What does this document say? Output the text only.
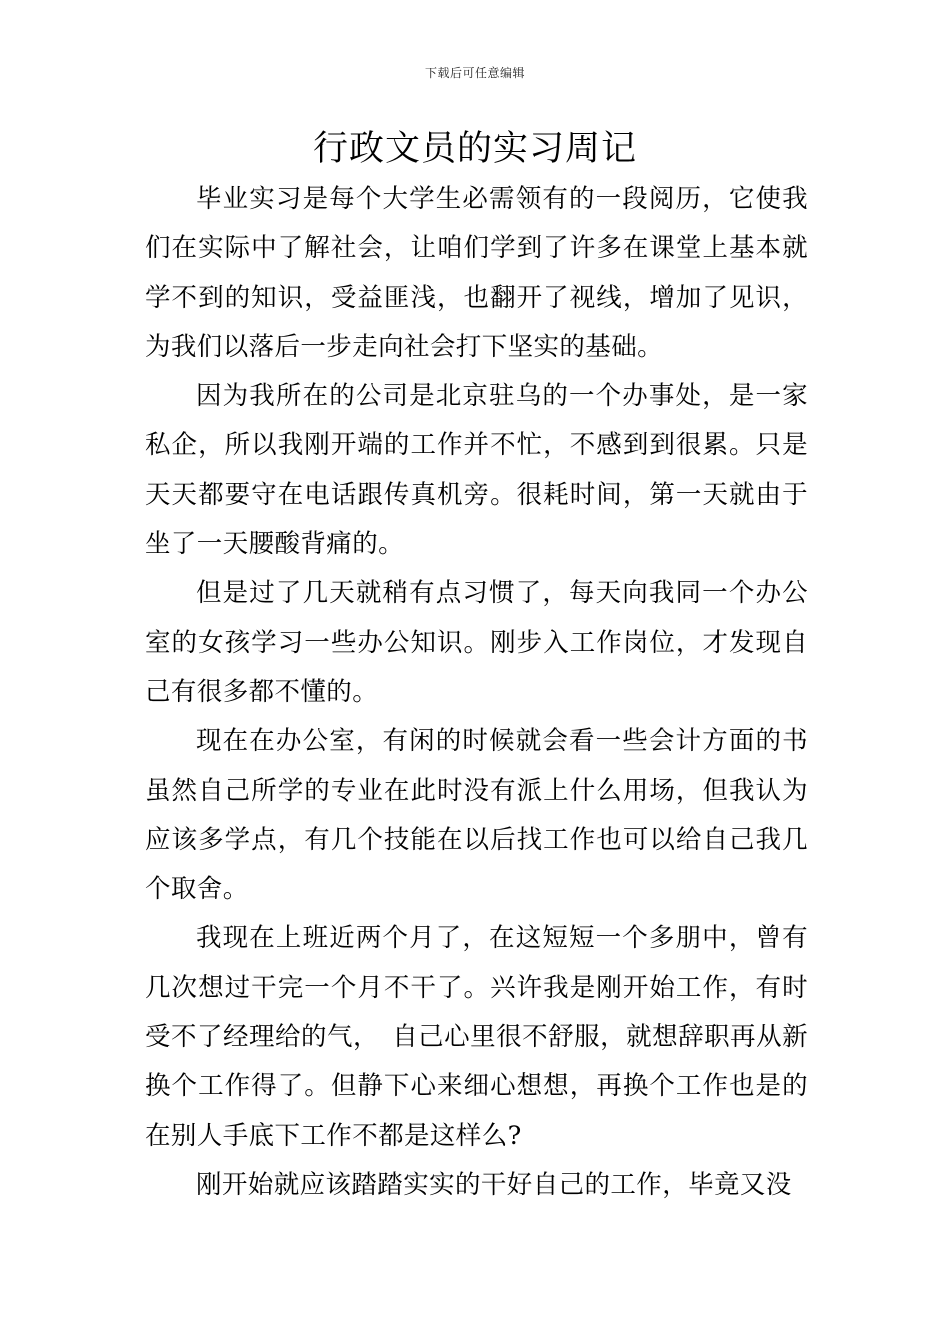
下载后可任意编辑
行政文员的实习周记

毕业实习是每个大学生必需领有的一段阅历，它使我们在实际中了解社会，让咱们学到了许多在课堂上基本就学不到的知识，受益匪浅，也翻开了视线，增加了见识，为我们以落后一步走向社会打下坚实的基础。

因为我所在的公司是北京驻乌的一个办事处，是一家私企，所以我刚开端的工作并不忙，不感到到很累。只是天天都要守在电话跟传真机旁。很耗时间，第一天就由于坐了一天腰酸背痛的。

但是过了几天就稍有点习惯了，每天向我同一个办公室的女孩学习一些办公知识。刚步入工作岗位，才发现自己有很多都不懂的。

现在在办公室，有闲的时候就会看一些会计方面的书虽然自己所学的专业在此时没有派上什么用场，但我认为应该多学点，有几个技能在以后找工作也可以给自己我几个取舍。

我现在上班近两个月了，在这短短一个多朋中，曾有几次想过干完一个月不干了。兴许我是刚开始工作，有时受不了经理给的气，　自己心里很不舒服，就想辞职再从新换个工作得了。但静下心来细心想想，再换个工作也是的在别人手底下工作不都是这样么?

刚开始就应该踏踏实实的干好自己的工作，毕竟又没
